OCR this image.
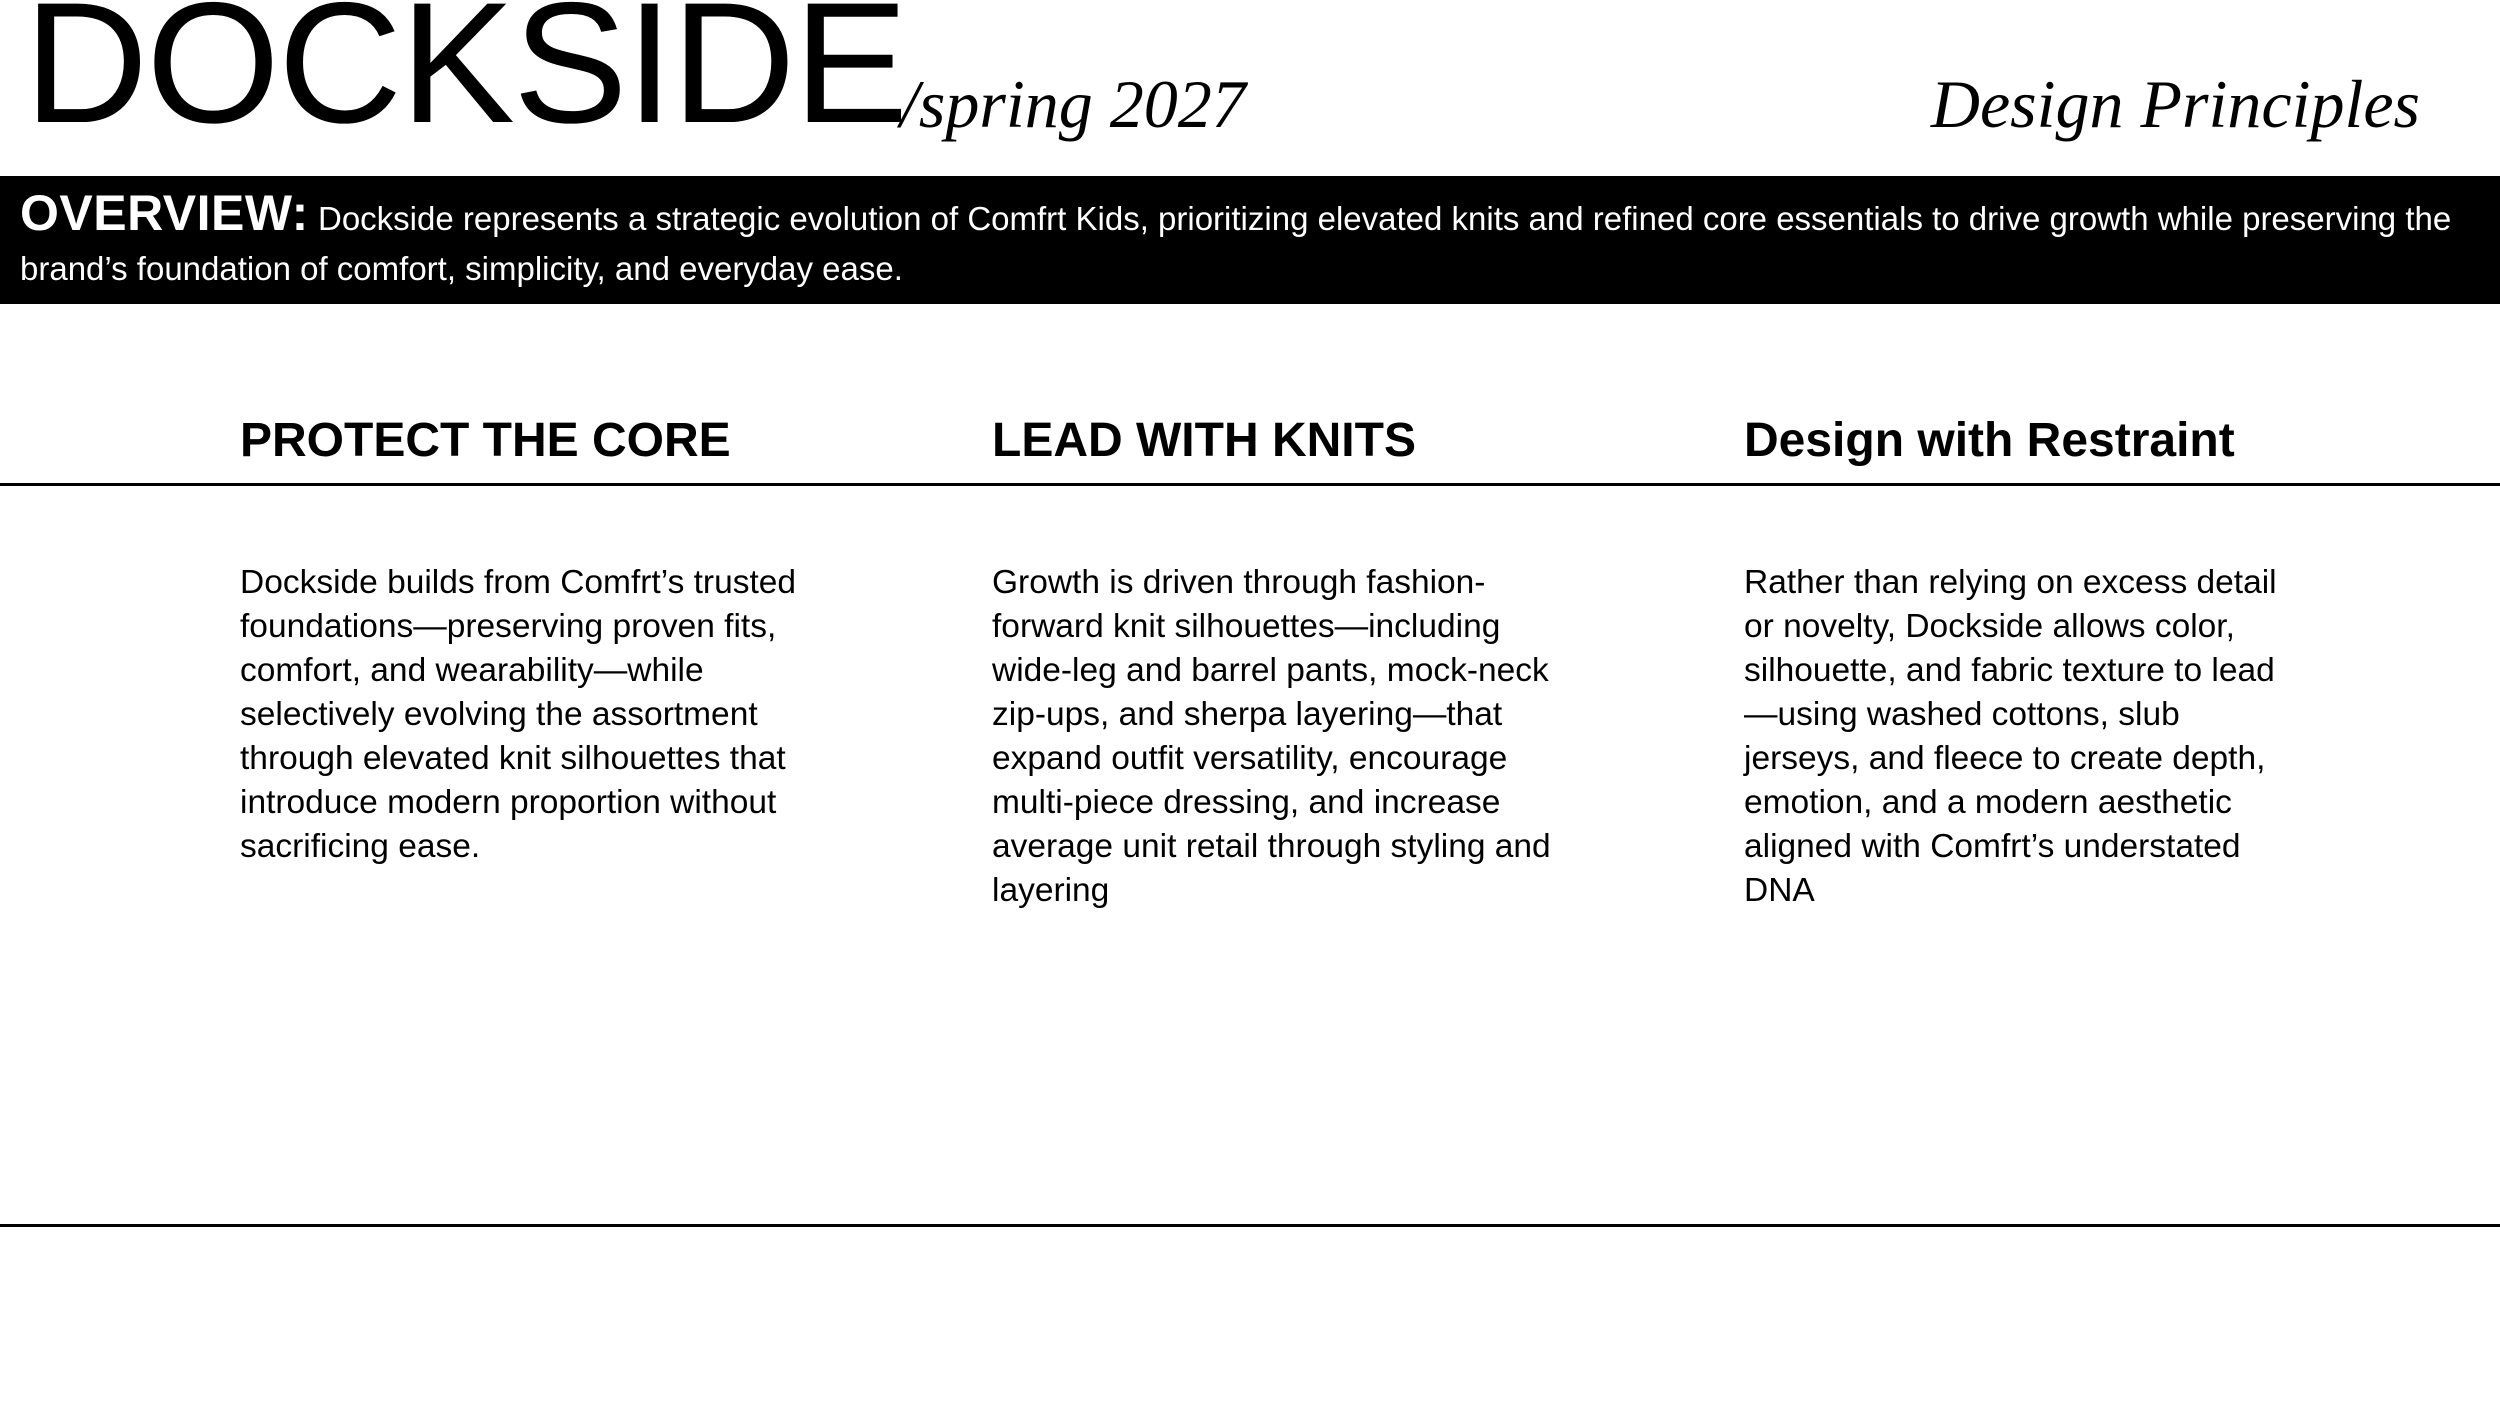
DOCKSIDE
/spring 2027	Design Principles
OVERVIEW: Dockside represents a strategic evolution of Comfrt Kids, prioritizing elevated knits and refined core essentials to drive growth while preserving the brand’s foundation of comfort, simplicity, and everyday ease.
PROTECT THE CORE	LEAD WITH KNITS	Design with Restraint

Dockside builds from Comfrt’s trusted foundations—preserving proven fits, comfort, and wearability—while selectively evolving the assortment through elevated knit silhouettes that introduce modern proportion without sacrificing ease.

Growth is driven through fashion-forward knit silhouettes—including wide-leg and barrel pants, mock-neck zip-ups, and sherpa layering—that expand outfit versatility, encourage multi-piece dressing, and increase average unit retail through styling and layering

Rather than relying on excess detail or novelty, Dockside allows color, silhouette, and fabric texture to lead—using washed cottons, slub jerseys, and fleece to create depth, emotion, and a modern aesthetic aligned with Comfrt’s understated DNA
